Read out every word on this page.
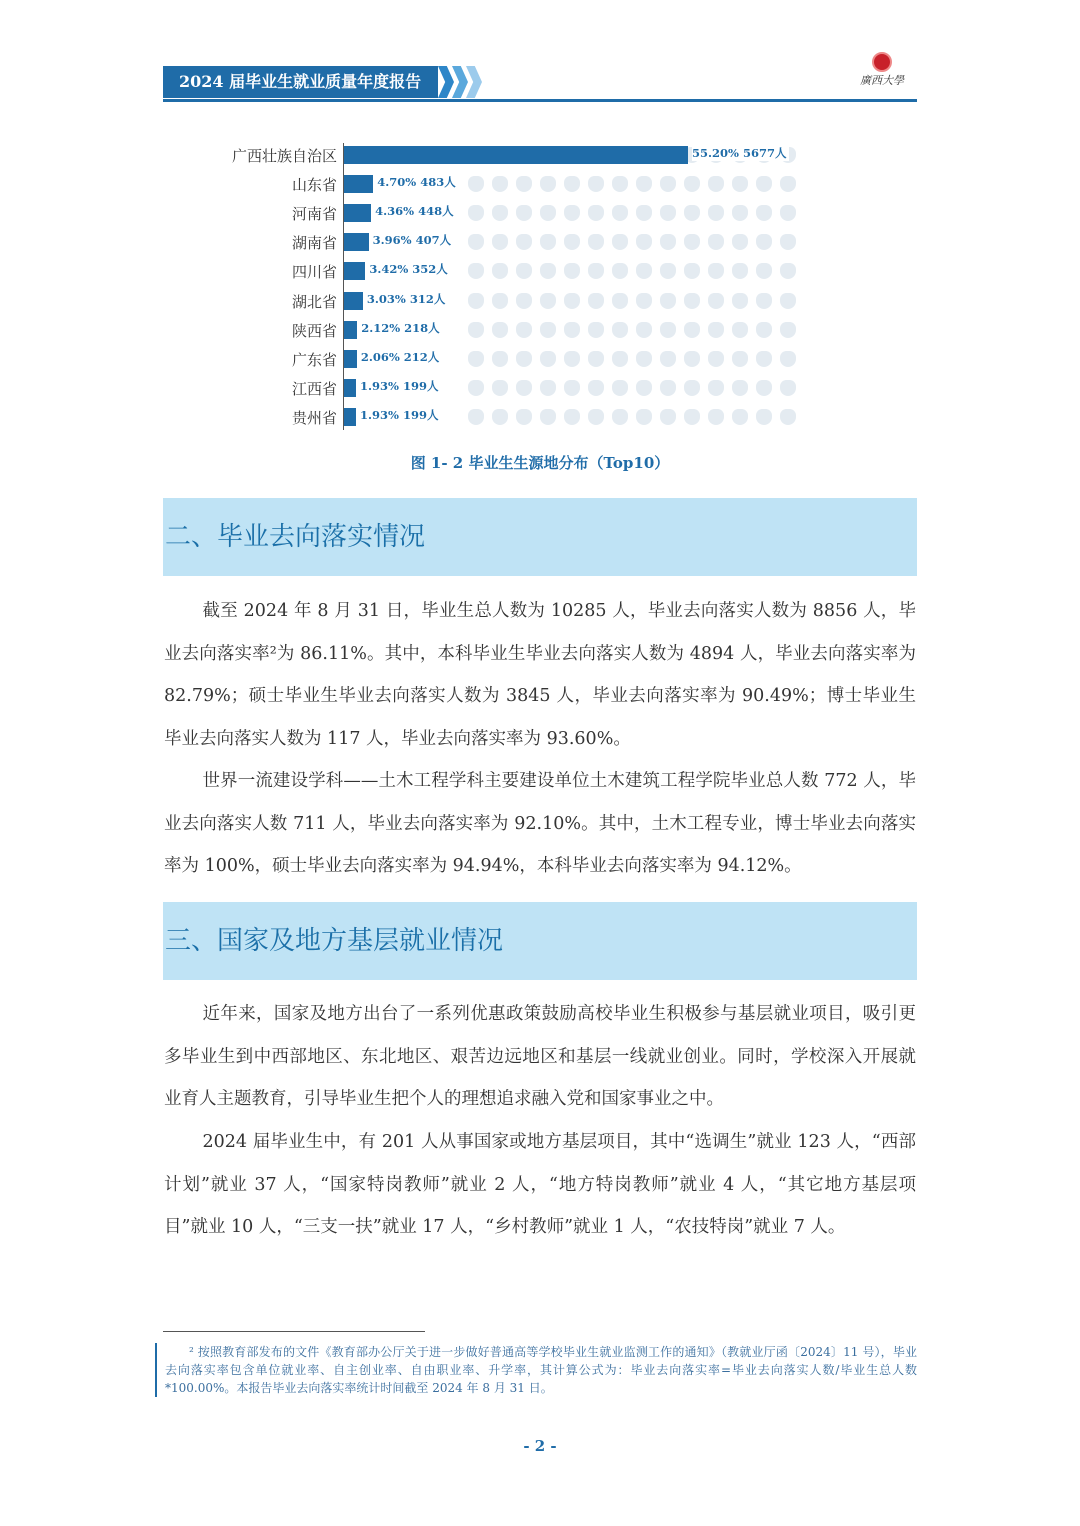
2024 届毕业生就业质量年度报告	廣西大學
广西壮族自治区	55.20% 5677人
山东省	4.70% 483人
河南省	4.36% 448人
湖南省	3.96% 407人
四川省	3.42% 352人
湖北省	3.03% 312人
陕西省 2.12% 218人
广东省 2.06% 212人
江西省 1.93% 199人
贵州省 1.93% 199人
图 1- 2 毕业生生源地分布（Top10）
二、毕业去向落实情况
截至 2024 年 8 月 31 日，毕业生总人数为 10285 人，毕业去向落实人数为 8856 人，毕业去向落实率²为 86.11%。其中，本科毕业生毕业去向落实人数为 4894 人，毕业去向落实率为 82.79%；硕士毕业生毕业去向落实人数为 3845 人，毕业去向落实率为 90.49%；博士毕业生毕业去向落实人数为 117 人，毕业去向落实率为 93.60%。
世界一流建设学科——土木工程学科主要建设单位土木建筑工程学院毕业总人数 772 人，毕业去向落实人数 711 人，毕业去向落实率为 92.10%。其中，土木工程专业，博士毕业去向落实率为 100%，硕士毕业去向落实率为 94.94%，本科毕业去向落实率为 94.12%。
三、国家及地方基层就业情况
近年来，国家及地方出台了一系列优惠政策鼓励高校毕业生积极参与基层就业项目，吸引更多毕业生到中西部地区、东北地区、艰苦边远地区和基层一线就业创业。同时，学校深入开展就业育人主题教育，引导毕业生把个人的理想追求融入党和国家事业之中。
2024 届毕业生中，有 201 人从事国家或地方基层项目，其中“选调生”就业 123 人，“西部计划”就业 37 人，“国家特岗教师”就业 2 人，“地方特岗教师”就业 4 人，“其它地方基层项目”就业 10 人，“三支一扶”就业 17 人，“乡村教师”就业 1 人，“农技特岗”就业 7 人。
² 按照教育部发布的文件《教育部办公厅关于进一步做好普通高等学校毕业生就业监测工作的通知》（教就业厅函〔2024〕11 号），毕业去向落实率包含单位就业率、自主创业率、自由职业率、升学率，其计算公式为：毕业去向落实率=毕业去向落实人数/毕业生总人数*100.00%。本报告毕业去向落实率统计时间截至 2024 年 8 月 31 日。
- 2 -
